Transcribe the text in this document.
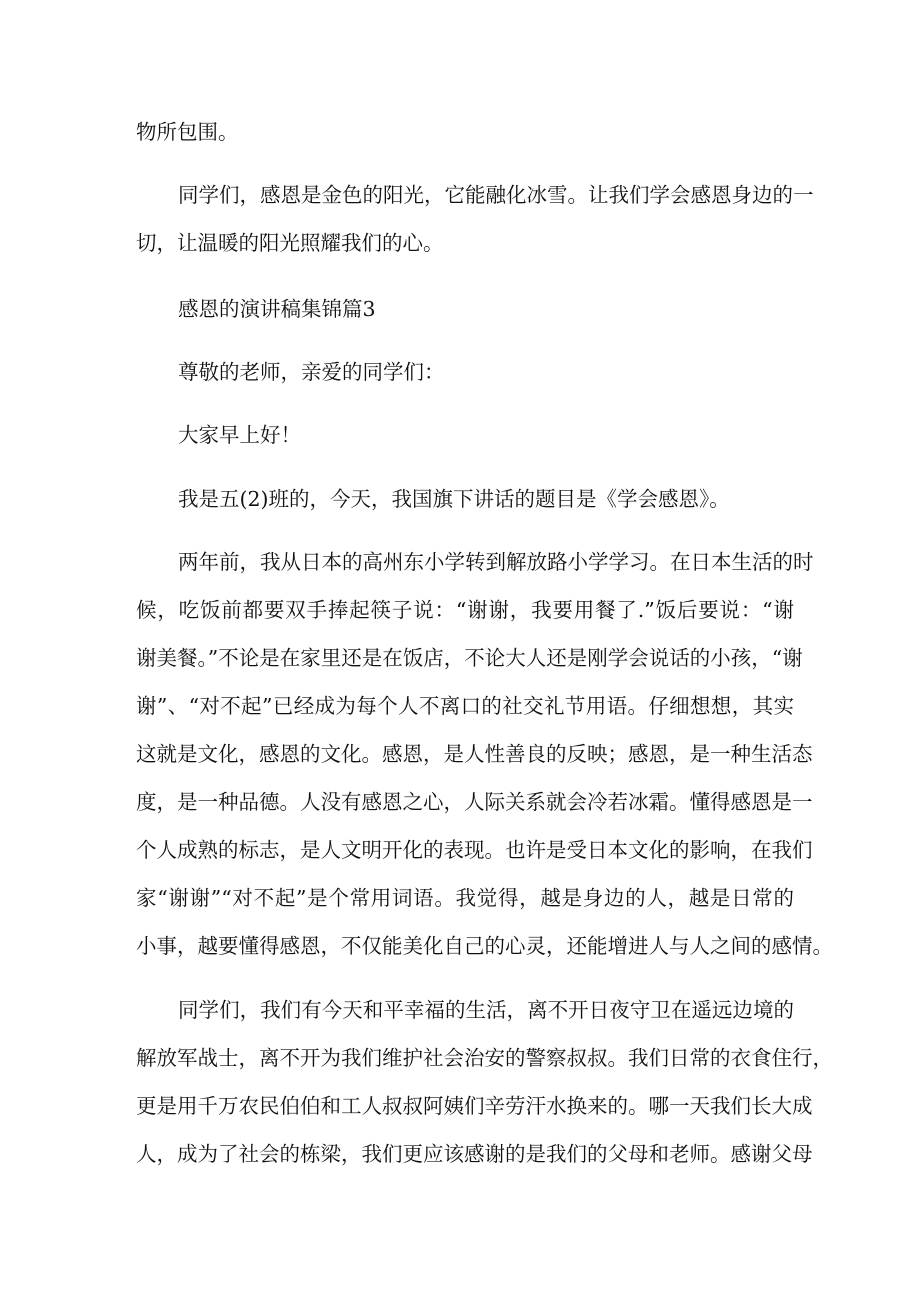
物所包围。

同学们，感恩是金色的阳光，它能融化冰雪。让我们学会感恩身边的一

切，让温暖的阳光照耀我们的心。

感恩的演讲稿集锦篇3

尊敬的老师，亲爱的同学们：

大家早上好！

我是五(2)班的，今天，我国旗下讲话的题目是《学会感恩》。

两年前，我从日本的高州东小学转到解放路小学学习。在日本生活的时

候，吃饭前都要双手捧起筷子说：“谢谢，我要用餐了.”饭后要说：“谢

谢美餐。”不论是在家里还是在饭店，不论大人还是刚学会说话的小孩，“谢

谢”、“对不起”已经成为每个人不离口的社交礼节用语。仔细想想，其实

这就是文化，感恩的文化。感恩，是人性善良的反映；感恩，是一种生活态

度，是一种品德。人没有感恩之心，人际关系就会冷若冰霜。懂得感恩是一

个人成熟的标志，是人文明开化的表现。也许是受日本文化的影响，在我们

家“谢谢”“对不起”是个常用词语。我觉得，越是身边的人，越是日常的

小事，越要懂得感恩，不仅能美化自己的心灵，还能增进人与人之间的感情。

同学们，我们有今天和平幸福的生活，离不开日夜守卫在遥远边境的

解放军战士，离不开为我们维护社会治安的警察叔叔。我们日常的衣食住行，

更是用千万农民伯伯和工人叔叔阿姨们辛劳汗水换来的。哪一天我们长大成

人，成为了社会的栋梁，我们更应该感谢的是我们的父母和老师。感谢父母
